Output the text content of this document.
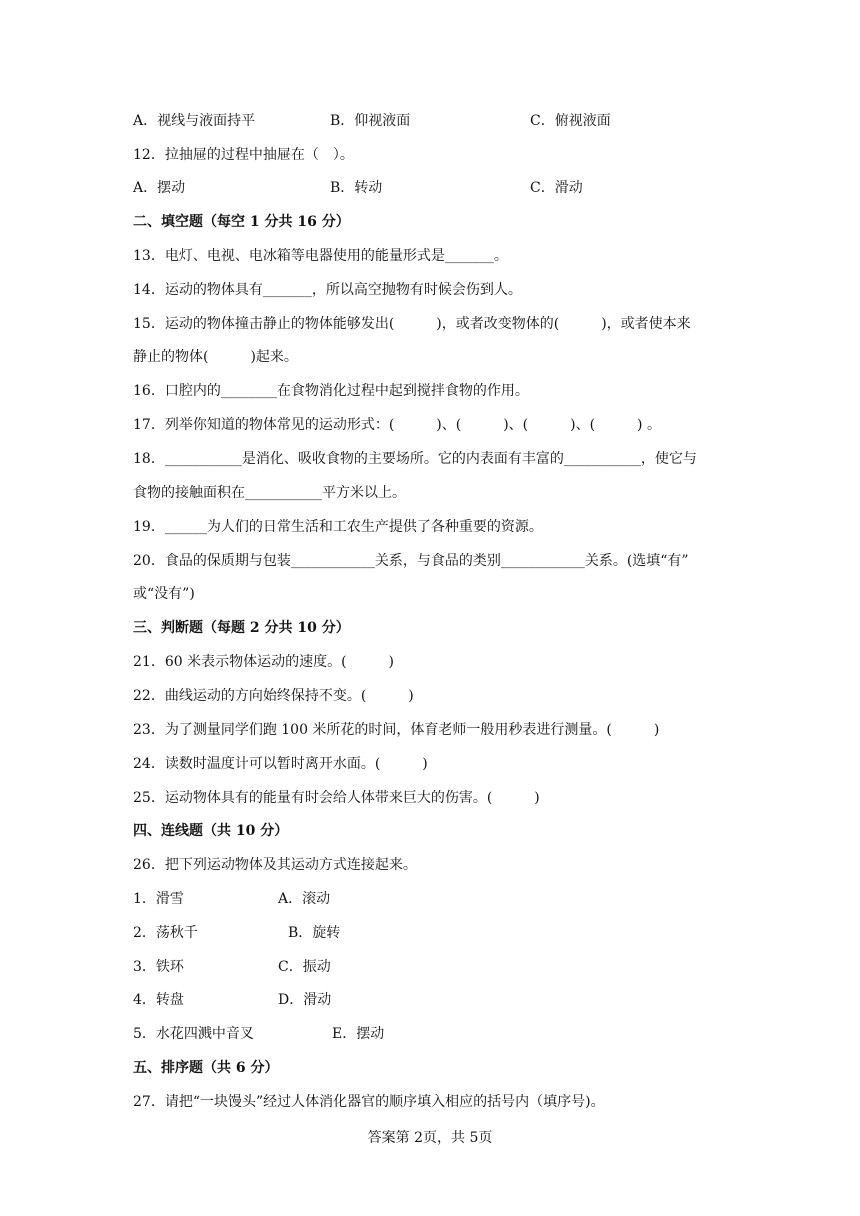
A．视线与液面持平	B．仰视液面	C．俯视液面
12．拉抽屉的过程中抽屉在（　）。
A．摆动	B．转动	C．滑动
二、填空题（每空 1 分共 16 分）
13．电灯、电视、电冰箱等电器使用的能量形式是_______。
14．运动的物体具有_______，所以高空抛物有时候会伤到人。
15．运动的物体撞击静止的物体能够发出(　　　)，或者改变物体的(　　　)，或者使本来
静止的物体(　　　)起来。
16．口腔内的________在食物消化过程中起到搅拌食物的作用。
17．列举你知道的物体常见的运动形式：(　　　)、(　　　)、(　　　)、(　　　) 。
18．___________是消化、吸收食物的主要场所。它的内表面有丰富的___________，使它与
食物的接触面积在___________平方米以上。
19．______为人们的日常生活和工农生产提供了各种重要的资源。
20．食品的保质期与包装____________关系，与食品的类别____________关系。(选填“有”
或“没有”)
三、判断题（每题 2 分共 10 分）
21．60 米表示物体运动的速度。(　　　)
22．曲线运动的方向始终保持不变。(　　　)
23．为了测量同学们跑 100 米所花的时间，体育老师一般用秒表进行测量。(　　　)
24．读数时温度计可以暂时离开水面。(　　　)
25．运动物体具有的能量有时会给人体带来巨大的伤害。(　　　)
四、连线题（共 10 分）
26．把下列运动物体及其运动方式连接起来。
1．滑雪	A．滚动
2．荡秋千	B．旋转
3．铁环	C．振动
4．转盘	D．滑动
5．水花四溅中音叉	E．摆动
五、排序题（共 6 分）
27．请把“一块馒头”经过人体消化器官的顺序填入相应的括号内（填序号)。
答案第 2页，共 5页
